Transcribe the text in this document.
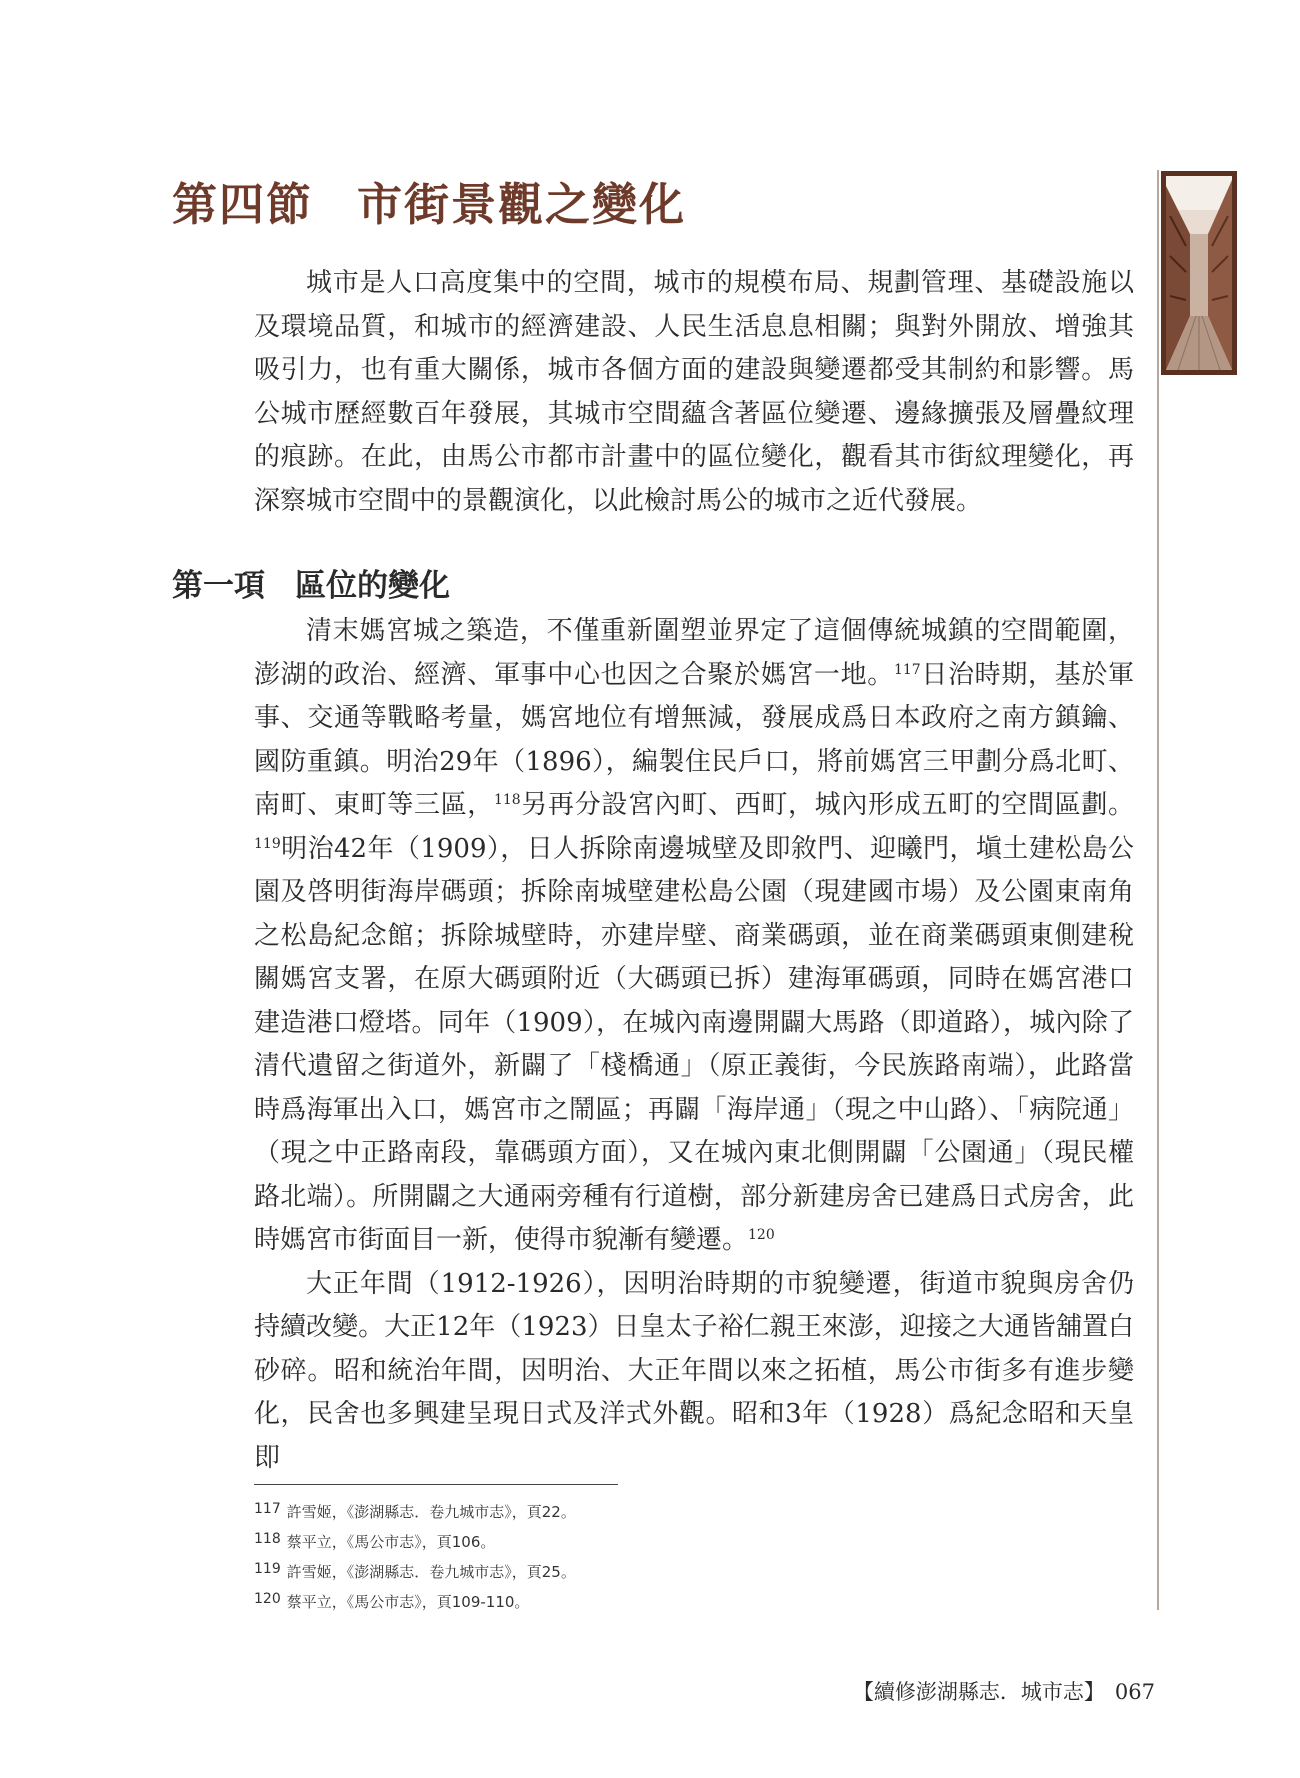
第四節 市街景觀之變化

城市是人口高度集中的空間，城市的規模布局、規劃管理、基礎設施以及環境品質，和城市的經濟建設、人民生活息息相關；與對外開放、增強其吸引力，也有重大關係，城市各個方面的建設與變遷都受其制約和影響。馬公城市歷經數百年發展，其城市空間蘊含著區位變遷、邊緣擴張及層疊紋理的痕跡。在此，由馬公市都市計畫中的區位變化，觀看其市街紋理變化，再深察城市空間中的景觀演化，以此檢討馬公的城市之近代發展。

第一項 區位的變化

清末媽宮城之築造，不僅重新圍塑並界定了這個傳統城鎮的空間範圍，澎湖的政治、經濟、軍事中心也因之合聚於媽宮一地。$^{117}$日治時期，基於軍事、交通等戰略考量，媽宮地位有增無減，發展成爲日本政府之南方鎮鑰、國防重鎮。明治29年（1896），編製住民戶口，將前媽宮三甲劃分爲北町、南町、東町等三區，$^{118}$另再分設宮內町、西町，城內形成五町的空間區劃。$^{119}$明治42年（1909），日人拆除南邊城壁及即敘門、迎曦門，塡土建松島公園及啓明街海岸碼頭；拆除南城壁建松島公園（現建國市場）及公園東南角之松島紀念館；拆除城壁時，亦建岸壁、商業碼頭，並在商業碼頭東側建稅關媽宮支署，在原大碼頭附近（大碼頭已拆）建海軍碼頭，同時在媽宮港口建造港口燈塔。同年（1909），在城內南邊開闢大馬路（即道路），城內除了清代遺留之街道外，新闢了「棧橋通」（原正義街，今民族路南端），此路當時爲海軍出入口，媽宮市之鬧區；再闢「海岸通」（現之中山路）、「病院通」（現之中正路南段，靠碼頭方面），又在城內東北側開闢「公園通」（現民權路北端）。所開闢之大通兩旁種有行道樹，部分新建房舍已建爲日式房舍，此時媽宮市街面目一新，使得市貌漸有變遷。$^{120}$

大正年間（1912-1926），因明治時期的市貌變遷，街道市貌與房舍仍持續改變。大正12年（1923）日皇太子裕仁親王來澎，迎接之大通皆舖置白砂碎。昭和統治年間，因明治、大正年間以來之拓植，馬公市街多有進步變化，民舍也多興建呈現日式及洋式外觀。昭和3年（1928）爲紀念昭和天皇即

117 許雪姬，《澎湖縣志．卷九城市志》，頁22。
118 蔡平立，《馬公市志》，頁106。
119 許雪姬，《澎湖縣志．卷九城市志》，頁25。
120 蔡平立，《馬公市志》，頁109-110。
【續修澎湖縣志．城市志】 067
